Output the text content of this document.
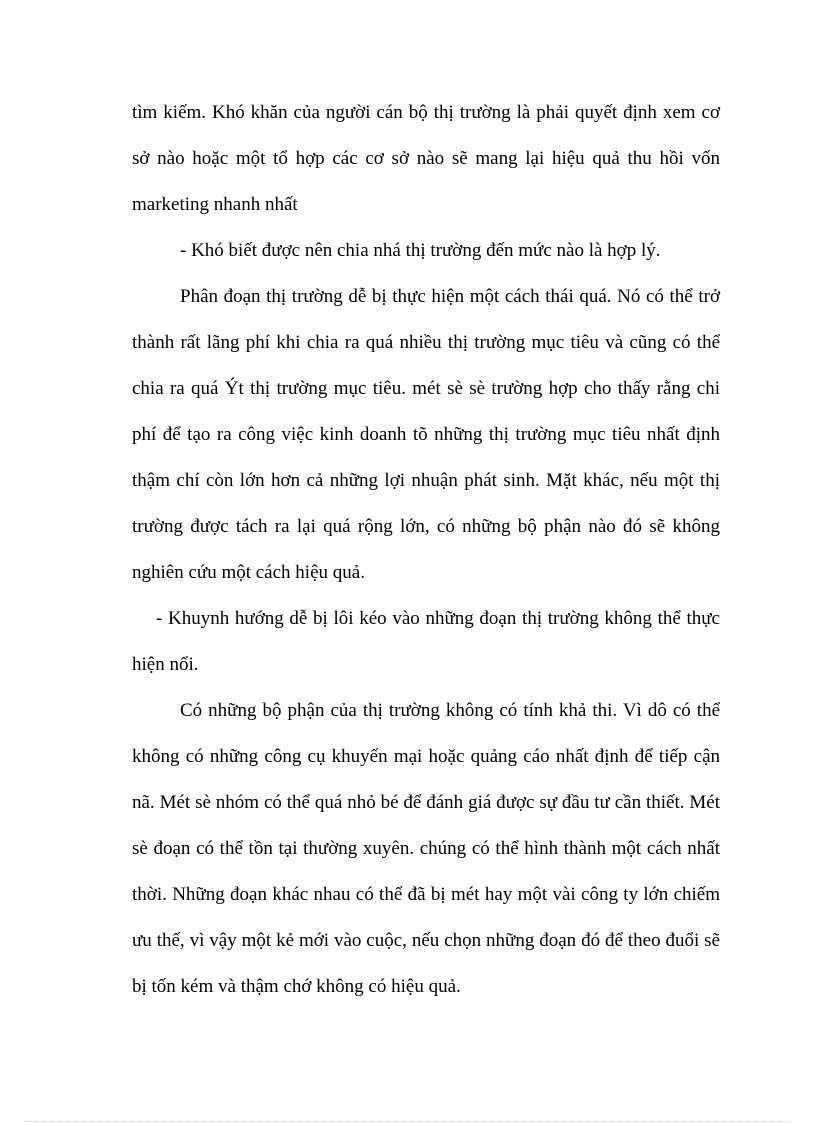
tìm kiếm. Khó khăn của người cán bộ thị trường là phải quyết định xem cơ sở nào hoặc một tổ hợp các cơ sở nào sẽ mang lại hiệu quả thu hồi vốn marketing nhanh nhất

- Khó biết được nên chia nhá thị trường đến mức nào là hợp lý.

Phân đoạn thị trường dễ bị thực hiện một cách thái quá. Nó có thể trở thành rất lãng phí khi chia ra quá nhiều thị trường mục tiêu và cũng có thể chia ra quá Ýt thị trường mục tiêu. mét sè sè trường hợp cho thấy rằng chi phí để tạo ra công việc kinh doanh tõ những thị trường mục tiêu nhất định thậm chí còn lớn hơn cả những lợi nhuận phát sinh. Mặt khác, nếu một thị trường được tách ra lại quá rộng lớn, có những bộ phận nào đó sẽ không nghiên cứu một cách hiệu quả.

- Khuynh hướng dễ bị lôi kéo vào những đoạn thị trường không thể thực hiện nổi.

Có những bộ phận của thị trường không có tính khả thi. Vì dô có thể không có những công cụ khuyến mại hoặc quảng cáo nhất định để tiếp cận nã. Mét sè nhóm có thể quá nhỏ bé để đánh giá được sự đầu tư cần thiết. Mét sè đoạn có thể tồn tại thường xuyên. chúng có thể hình thành một cách nhất thời. Những đoạn khác nhau có thể đã bị mét hay một vài công ty lớn chiếm ưu thế, vì vậy một kẻ mới vào cuộc, nếu chọn những đoạn đó để theo đuổi sẽ bị tốn kém và thậm chớ không có hiệu quả.
